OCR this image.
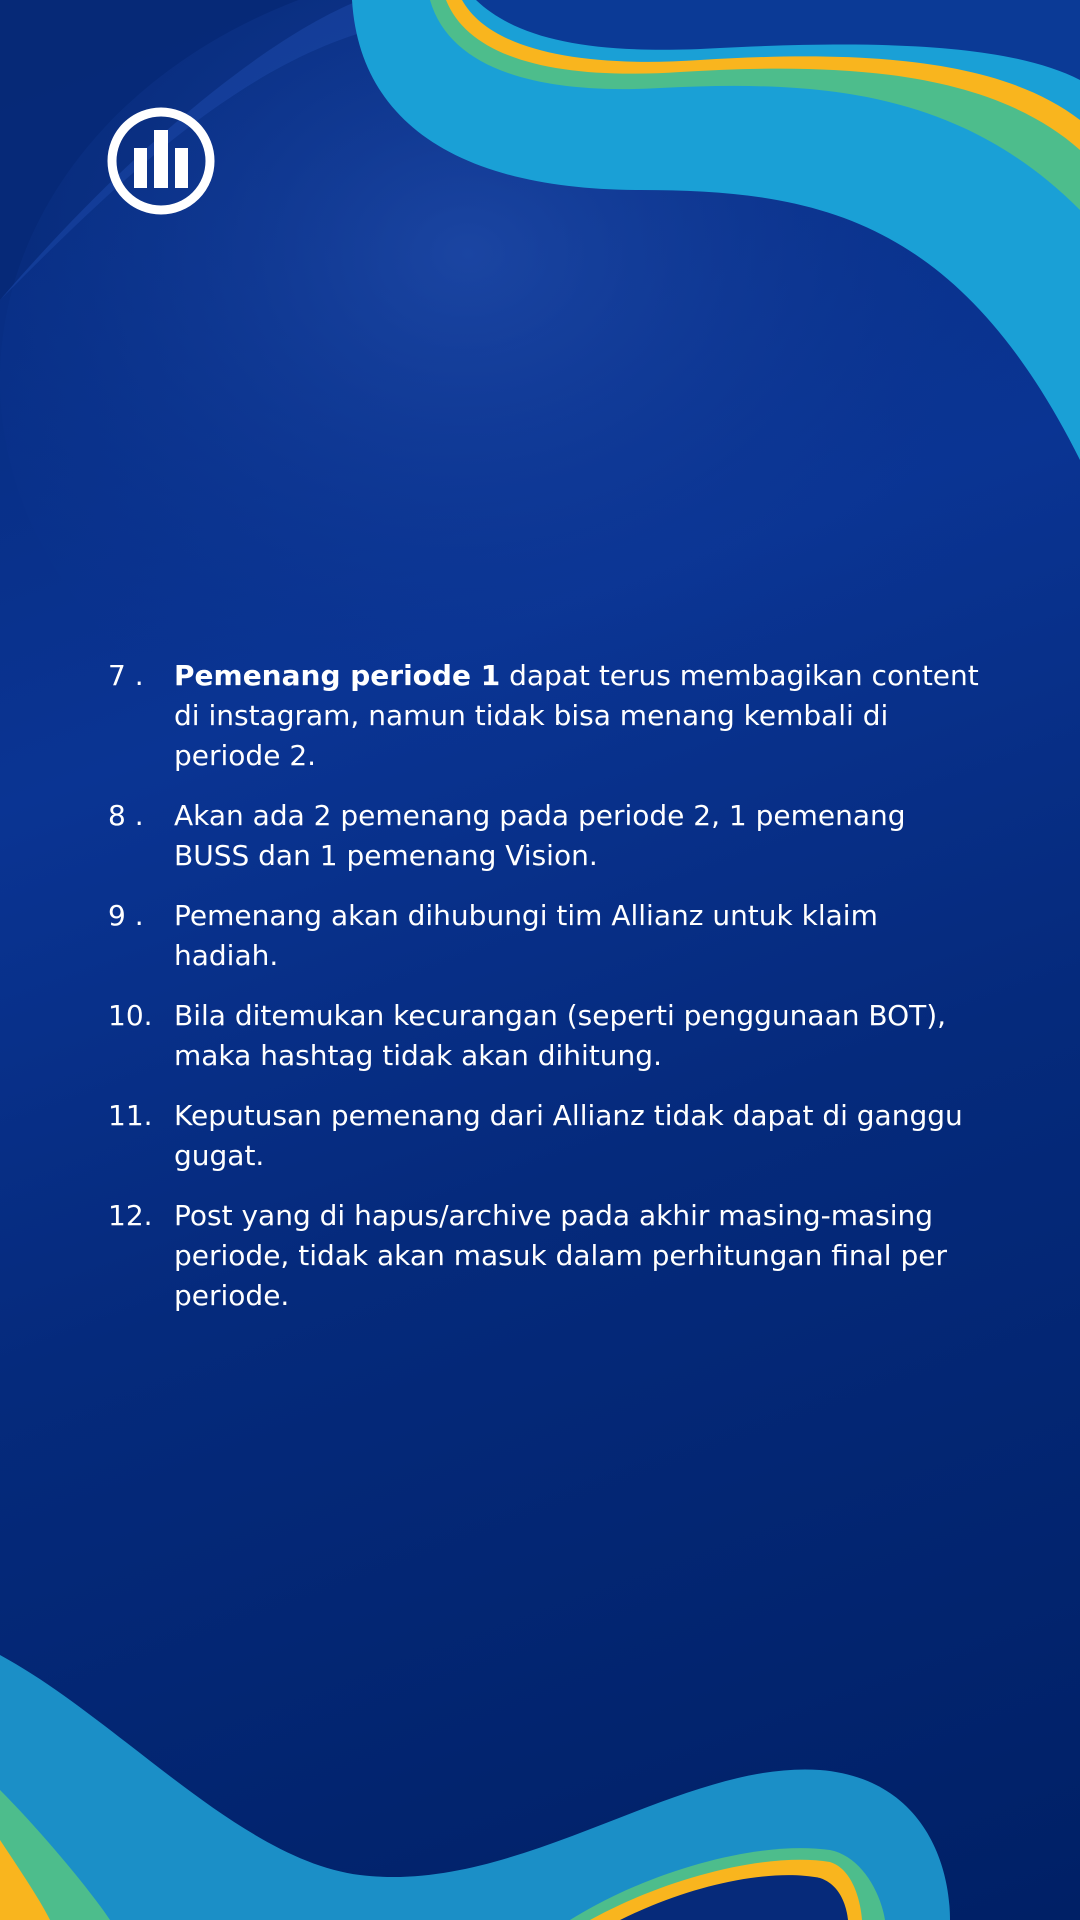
7 .	Pemenang periode 1 dapat terus membagikan content di instagram, namun tidak bisa menang kembali di periode 2.
8 .	Akan ada 2 pemenang pada periode 2, 1 pemenang BUSS dan 1 pemenang Vision.
9 .	Pemenang akan dihubungi tim Allianz untuk klaim hadiah.
10. Bila ditemukan kecurangan (seperti penggunaan BOT), maka hashtag tidak akan dihitung.
11. Keputusan pemenang dari Allianz tidak dapat di ganggu gugat.
12. Post yang di hapus/archive pada akhir masing-masing periode, tidak akan masuk dalam perhitungan final per periode.
